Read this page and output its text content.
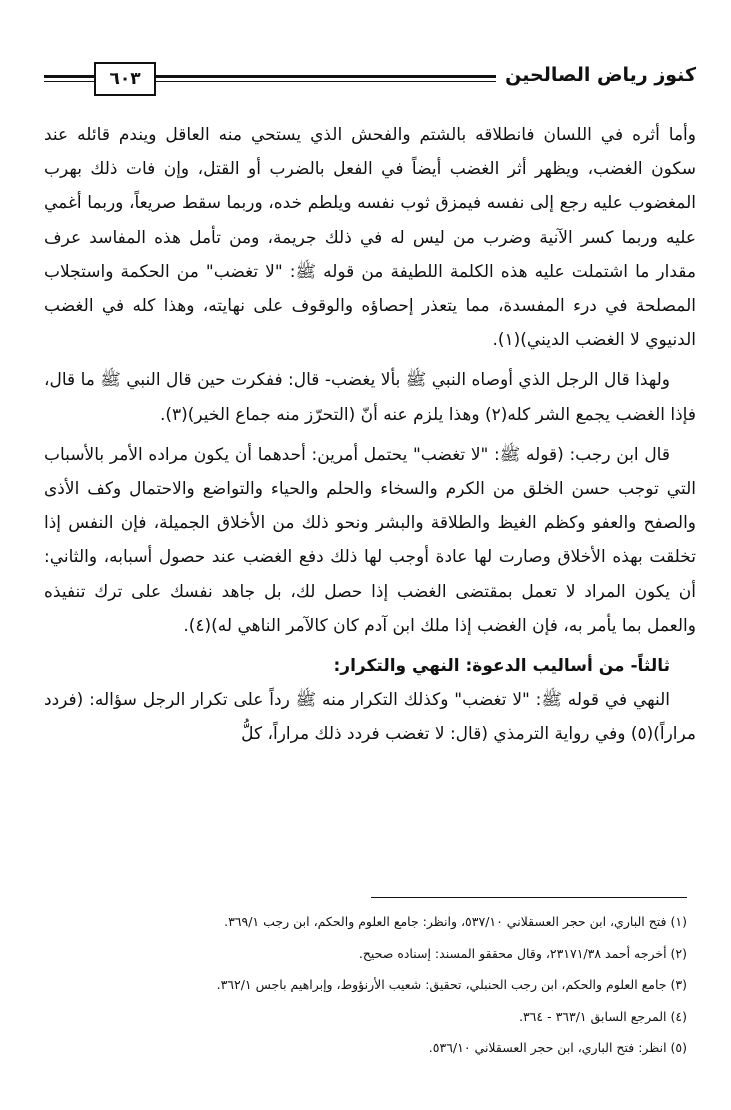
كنوز رياض الصالحين
٦٠٣

وأما أثره في اللسان فانطلاقه بالشتم والفحش الذي يستحي منه العاقل ويندم قائله عند سكون الغضب، ويظهر أثر الغضب أيضاً في الفعل بالضرب أو القتل، وإن فات ذلك بهرب المغضوب عليه رجع إلى نفسه فيمزق ثوب نفسه ويلطم خده، وربما سقط صريعاً، وربما أغمي عليه وربما كسر الآنية وضرب من ليس له في ذلك جريمة، ومن تأمل هذه المفاسد عرف مقدار ما اشتملت عليه هذه الكلمة اللطيفة من قوله ﷺ: "لا تغضب" من الحكمة واستجلاب المصلحة في درء المفسدة، مما يتعذر إحصاؤه والوقوف على نهايته، وهذا كله في الغضب الدنيوي لا الغضب الديني)(١).

ولهذا قال الرجل الذي أوصاه النبي ﷺ بألا يغضب- قال: ففكرت حين قال النبي ﷺ ما قال، فإذا الغضب يجمع الشر كله(٢) وهذا يلزم عنه أنّ (التحرّز منه جماع الخير)(٣).

قال ابن رجب: (قوله ﷺ: "لا تغضب" يحتمل أمرين: أحدهما أن يكون مراده الأمر بالأسباب التي توجب حسن الخلق من الكرم والسخاء والحلم والحياء والتواضع والاحتمال وكف الأذى والصفح والعفو وكظم الغيظ والطلاقة والبشر ونحو ذلك من الأخلاق الجميلة، فإن النفس إذا تخلقت بهذه الأخلاق وصارت لها عادة أوجب لها ذلك دفع الغضب عند حصول أسبابه، والثاني: أن يكون المراد لا تعمل بمقتضى الغضب إذا حصل لك، بل جاهد نفسك على ترك تنفيذه والعمل بما يأمر به، فإن الغضب إذا ملك ابن آدم كان كالآمر الناهي له)(٤).

ثالثاً- من أساليب الدعوة: النهي والتكرار:

النهي في قوله ﷺ: "لا تغضب" وكذلك التكرار منه ﷺ رداً على تكرار الرجل سؤاله: (فردد مراراً)(٥) وفي رواية الترمذي (قال: لا تغضب فردد ذلك مراراً، كلُّ

(١) فتح الباري، ابن حجر العسقلاني ٥٣٧/١٠، وانظر: جامع العلوم والحكم، ابن رجب ٣٦٩/١.
(٢) أخرجه أحمد ٢٣١٧١/٣٨، وقال محققو المسند: إسناده صحيح.
(٣) جامع العلوم والحكم، ابن رجب الحنبلي، تحقيق: شعيب الأرنؤوط، وإبراهيم باجس ٣٦٢/١.
(٤) المرجع السابق ٣٦٣/١ - ٣٦٤.
(٥) انظر: فتح الباري، ابن حجر العسقلاني ٥٣٦/١٠.
